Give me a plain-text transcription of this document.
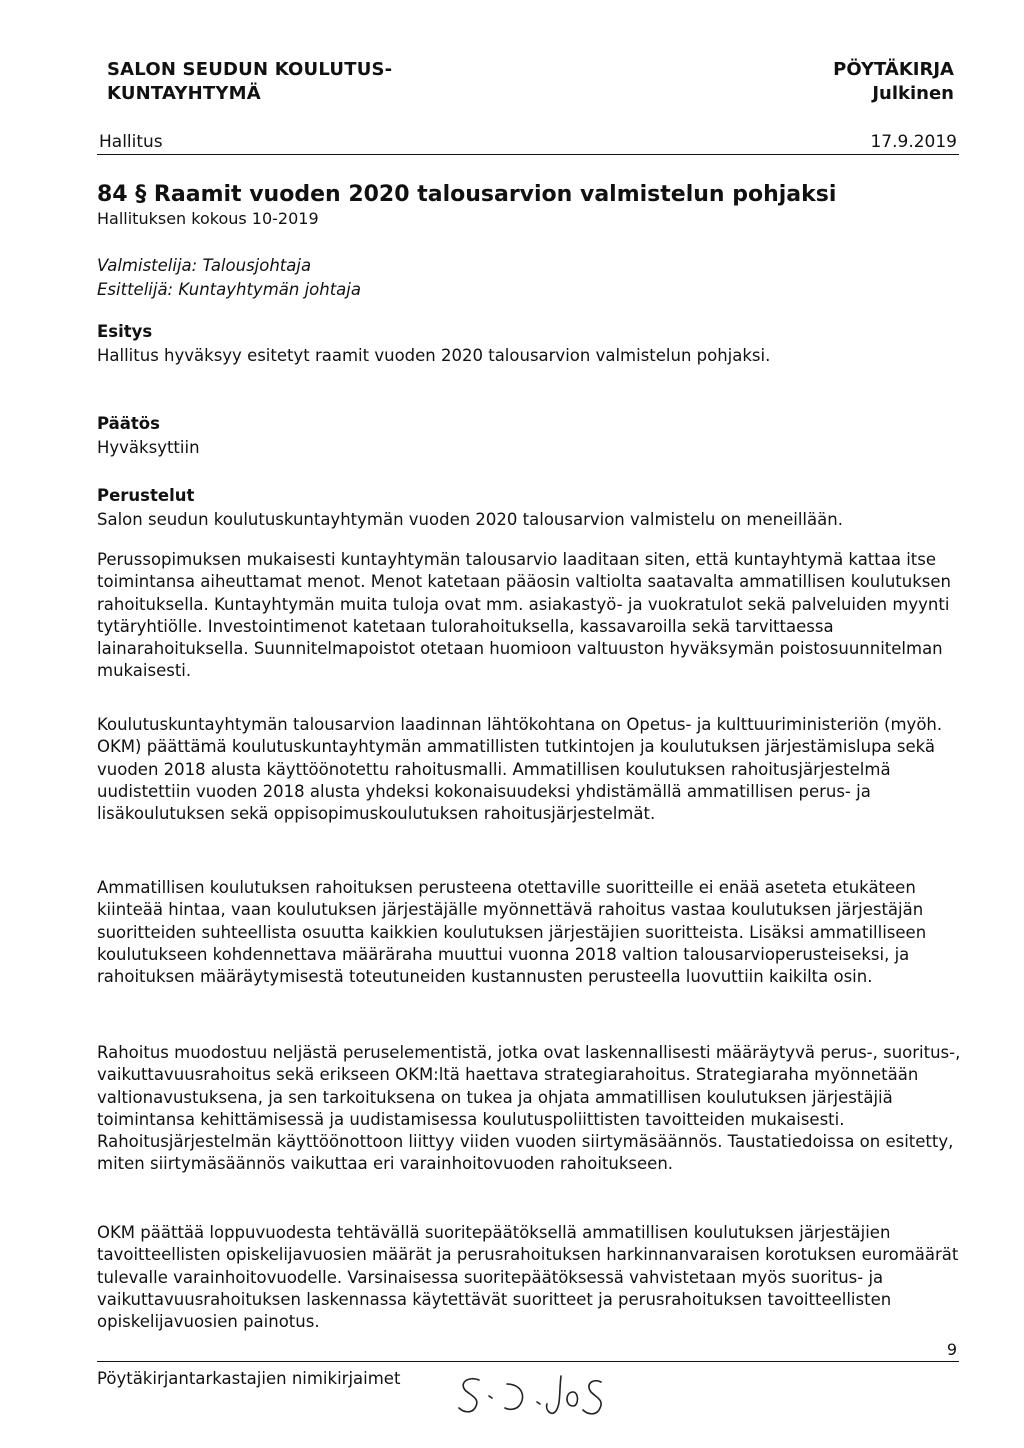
SALON SEUDUN KOULUTUS-
KUNTAYHTYMÄ
PÖYTÄKIRJA
Julkinen
Hallitus	17.9.2019
84 § Raamit vuoden 2020 talousarvion valmistelun pohjaksi
Hallituksen kokous 10-2019
Valmistelija: Talousjohtaja
Esittelijä: Kuntayhtymän johtaja
Esitys

Hallitus hyväksyy esitetyt raamit vuoden 2020 talousarvion valmistelun pohjaksi.

Päätös

Hyväksyttiin

Perustelut

Salon seudun koulutuskuntayhtymän vuoden 2020 talousarvion valmistelu on meneillään.

Perussopimuksen mukaisesti kuntayhtymän talousarvio laaditaan siten, että kuntayhtymä kattaa itse toimintansa aiheuttamat menot. Menot katetaan pääosin valtiolta saatavalta ammatillisen koulutuksen rahoituksella. Kuntayhtymän muita tuloja ovat mm. asiakastyö- ja vuokratulot sekä palveluiden myynti tytäryhtiölle. Investointimenot katetaan tulorahoituksella, kassavaroilla sekä tarvittaessa lainarahoituksella. Suunnitelmapoistot otetaan huomioon valtuuston hyväksymän poistosuunnitelman mukaisesti.
Koulutuskuntayhtymän talousarvion laadinnan lähtökohtana on Opetus- ja kulttuuriministeriön (myöh. OKM) päättämä koulutuskuntayhtymän ammatillisten tutkintojen ja koulutuksen järjestämislupa sekä vuoden 2018 alusta käyttöönotettu rahoitusmalli. Ammatillisen koulutuksen rahoitusjärjestelmä uudistettiin vuoden 2018 alusta yhdeksi kokonaisuudeksi yhdistämällä ammatillisen perus- ja lisäkoulutuksen sekä oppisopimuskoulutuksen rahoitusjärjestelmät.
Ammatillisen koulutuksen rahoituksen perusteena otettaville suoritteille ei enää aseteta etukäteen kiinteää hintaa, vaan koulutuksen järjestäjälle myönnettävä rahoitus vastaa koulutuksen järjestäjän suoritteiden suhteellista osuutta kaikkien koulutuksen järjestäjien suoritteista. Lisäksi ammatilliseen koulutukseen kohdennettava määräraha muuttui vuonna 2018 valtion talousarvioperusteiseksi, ja rahoituksen määräytymisestä toteutuneiden kustannusten perusteella luovuttiin kaikilta osin.
Rahoitus muodostuu neljästä peruselementistä, jotka ovat laskennallisesti määräytyvä perus-, suoritus-, vaikuttavuusrahoitus sekä erikseen OKM:ltä haettava strategiarahoitus. Strategiaraha myönnetään valtionavustuksena, ja sen tarkoituksena on tukea ja ohjata ammatillisen koulutuksen järjestäjiä toimintansa kehittämisessä ja uudistamisessa koulutuspoliittisten tavoitteiden mukaisesti. Rahoitusjärjestelmän käyttöönottoon liittyy viiden vuoden siirtymäsäännös. Taustatiedoissa on esitetty, miten siirtymäsäännös vaikuttaa eri varainhoitovuoden rahoitukseen.
OKM päättää loppuvuodesta tehtävällä suoritepäätöksellä ammatillisen koulutuksen järjestäjien tavoitteellisten opiskelijavuosien määrät ja perusrahoituksen harkinnanvaraisen korotuksen euromäärät tulevalle varainhoitovuodelle. Varsinaisessa suoritepäätöksessä vahvistetaan myös suoritus- ja vaikuttavuusrahoituksen laskennassa käytettävät suoritteet ja perusrahoituksen tavoitteellisten opiskelijavuosien painotus.
9
Pöytäkirjantarkastajien nimikirjaimet
